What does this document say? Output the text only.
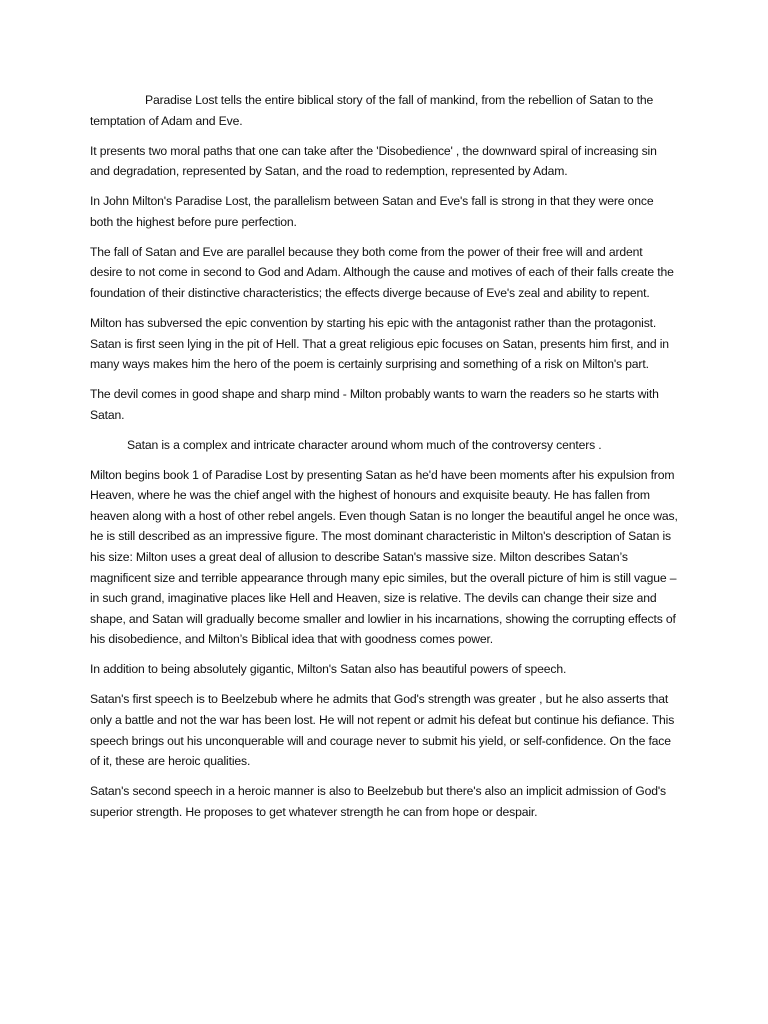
Paradise Lost tells the entire biblical story of the fall of mankind, from the rebellion of Satan to the temptation of Adam and Eve.

It presents two moral paths that one can take after the 'Disobedience' , the downward spiral of increasing sin and degradation, represented by Satan, and the road to redemption, represented by Adam.

In John Milton's Paradise Lost, the parallelism between Satan and Eve's fall is strong in that they were once both the highest before pure perfection.

The fall of Satan and Eve are parallel because they both come from the power of their free will and ardent desire to not come in second to God and Adam. Although the cause and motives of each of their falls create the foundation of their distinctive characteristics; the effects diverge because of Eve's zeal and ability to repent.

Milton has subversed the epic convention by starting his epic with the antagonist rather than the protagonist. Satan is first seen lying in the pit of Hell. That a great religious epic focuses on Satan, presents him first, and in many ways makes him the hero of the poem is certainly surprising and something of a risk on Milton's part.

The devil comes in good shape and sharp mind - Milton probably wants to warn the readers so he starts with Satan.

Satan is a complex and intricate character around whom much of the controversy centers .

Milton begins book 1 of Paradise Lost by presenting Satan as he'd have been moments after his expulsion from Heaven, where he was the chief angel with the highest of honours and exquisite beauty. He has fallen from heaven along with a host of other rebel angels. Even though Satan is no longer the beautiful angel he once was, he is still described as an impressive figure. The most dominant characteristic in Milton's description of Satan is his size: Milton uses a great deal of allusion to describe Satan's massive size. Milton describes Satan’s magnificent size and terrible appearance through many epic similes, but the overall picture of him is still vague – in such grand, imaginative places like Hell and Heaven, size is relative. The devils can change their size and shape, and Satan will gradually become smaller and lowlier in his incarnations, showing the corrupting effects of his disobedience, and Milton’s Biblical idea that with goodness comes power.

In addition to being absolutely gigantic, Milton's Satan also has beautiful powers of speech.

Satan's first speech is to Beelzebub where he admits that God's strength was greater , but he also asserts that only a battle and not the war has been lost. He will not repent or admit his defeat but continue his defiance. This speech brings out his unconquerable will and courage never to submit his yield, or self-confidence. On the face of it, these are heroic qualities.

Satan's second speech in a heroic manner is also to Beelzebub but there's also an implicit admission of God's superior strength. He proposes to get whatever strength he can from hope or despair.
